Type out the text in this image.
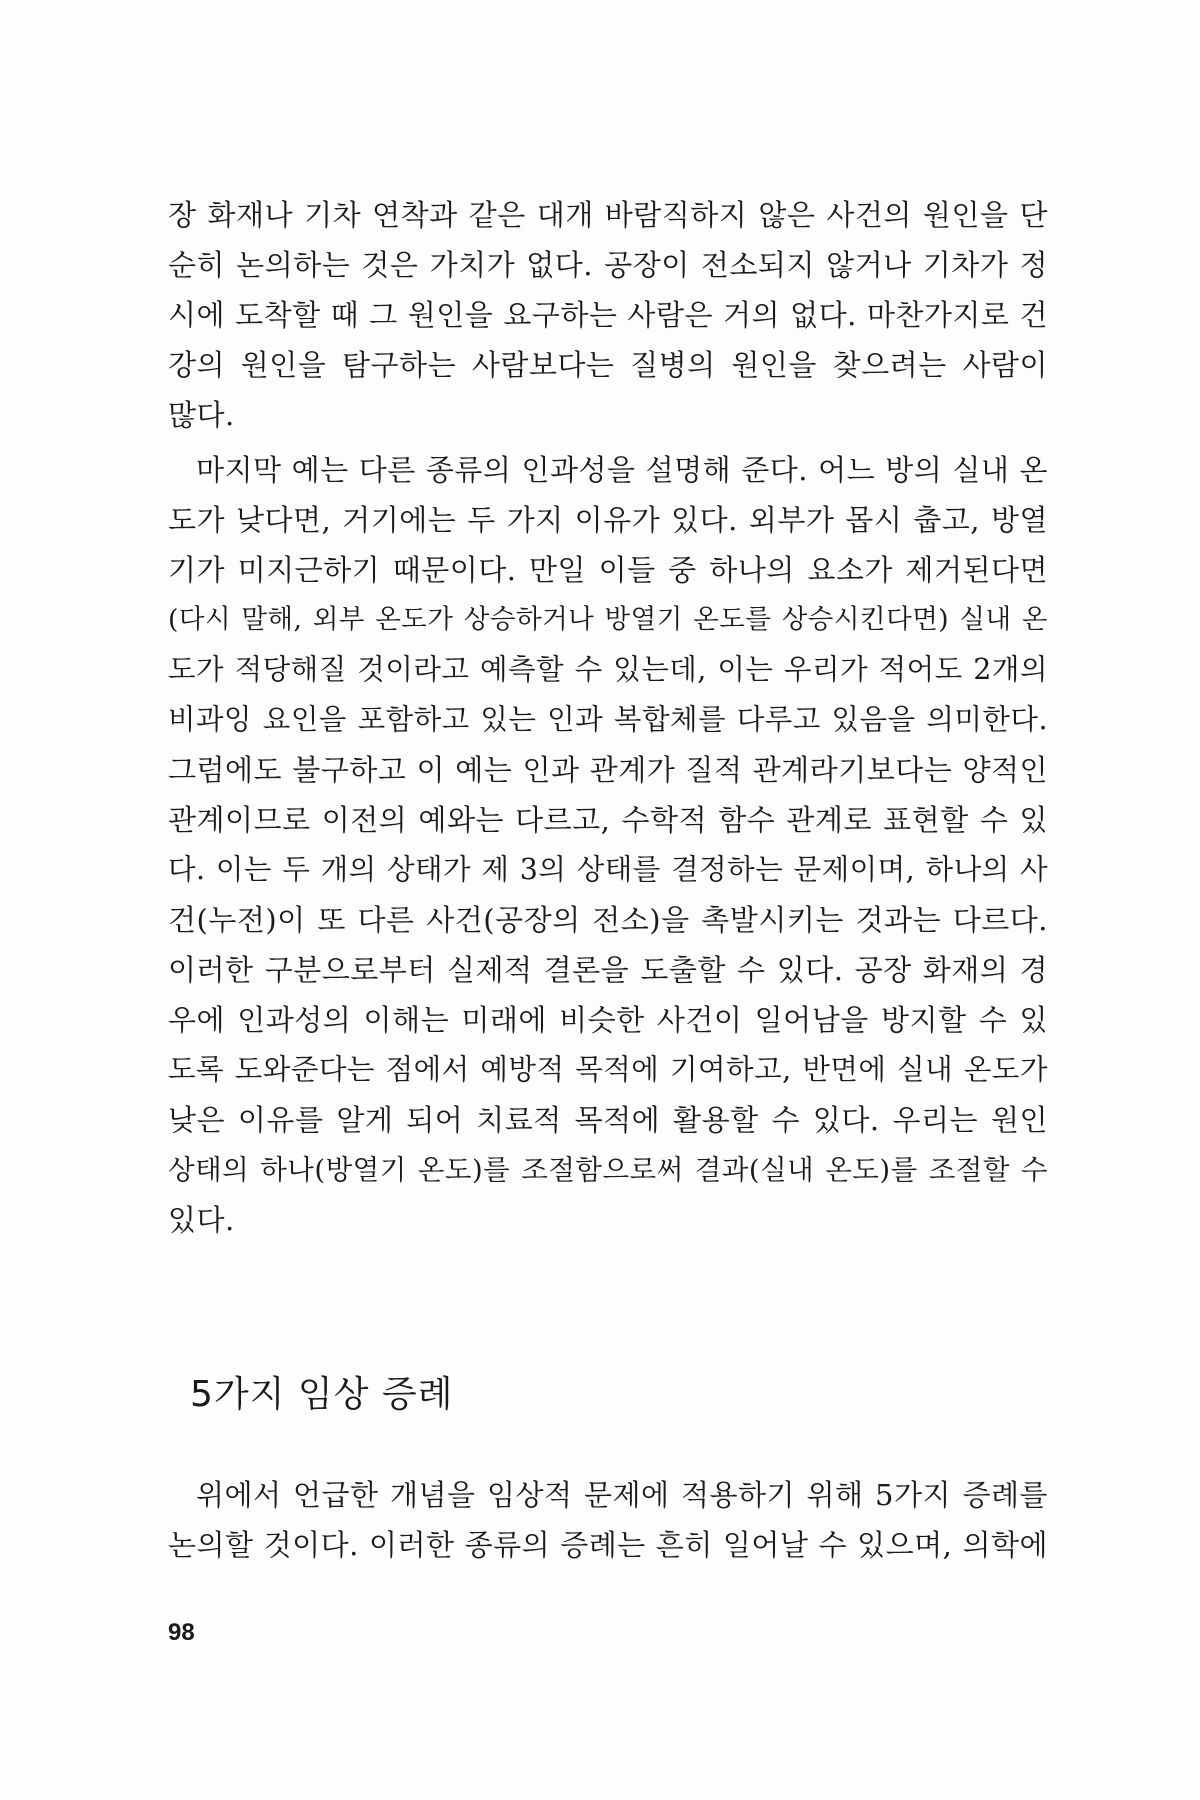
장 화재나 기차 연착과 같은 대개 바람직하지 않은 사건의 원인을 단
순히 논의하는 것은 가치가 없다. 공장이 전소되지 않거나 기차가 정
시에 도착할 때 그 원인을 요구하는 사람은 거의 없다. 마찬가지로 건
강의 원인을 탐구하는 사람보다는 질병의 원인을 찾으려는 사람이
많다.
마지막 예는 다른 종류의 인과성을 설명해 준다. 어느 방의 실내 온
도가 낮다면, 거기에는 두 가지 이유가 있다. 외부가 몹시 춥고, 방열
기가 미지근하기 때문이다. 만일 이들 중 하나의 요소가 제거된다면
(다시 말해, 외부 온도가 상승하거나 방열기 온도를 상승시킨다면) 실내 온
도가 적당해질 것이라고 예측할 수 있는데, 이는 우리가 적어도 2개의
비과잉 요인을 포함하고 있는 인과 복합체를 다루고 있음을 의미한다.
그럼에도 불구하고 이 예는 인과 관계가 질적 관계라기보다는 양적인
관계이므로 이전의 예와는 다르고, 수학적 함수 관계로 표현할 수 있
다. 이는 두 개의 상태가 제 3의 상태를 결정하는 문제이며, 하나의 사
건(누전)이 또 다른 사건(공장의 전소)을 촉발시키는 것과는 다르다.
이러한 구분으로부터 실제적 결론을 도출할 수 있다. 공장 화재의 경
우에 인과성의 이해는 미래에 비슷한 사건이 일어남을 방지할 수 있
도록 도와준다는 점에서 예방적 목적에 기여하고, 반면에 실내 온도가
낮은 이유를 알게 되어 치료적 목적에 활용할 수 있다. 우리는 원인
상태의 하나(방열기 온도)를 조절함으로써 결과(실내 온도)를 조절할 수
있다.
5가지 임상 증례
위에서 언급한 개념을 임상적 문제에 적용하기 위해 5가지 증례를
논의할 것이다. 이러한 종류의 증례는 흔히 일어날 수 있으며, 의학에
98
